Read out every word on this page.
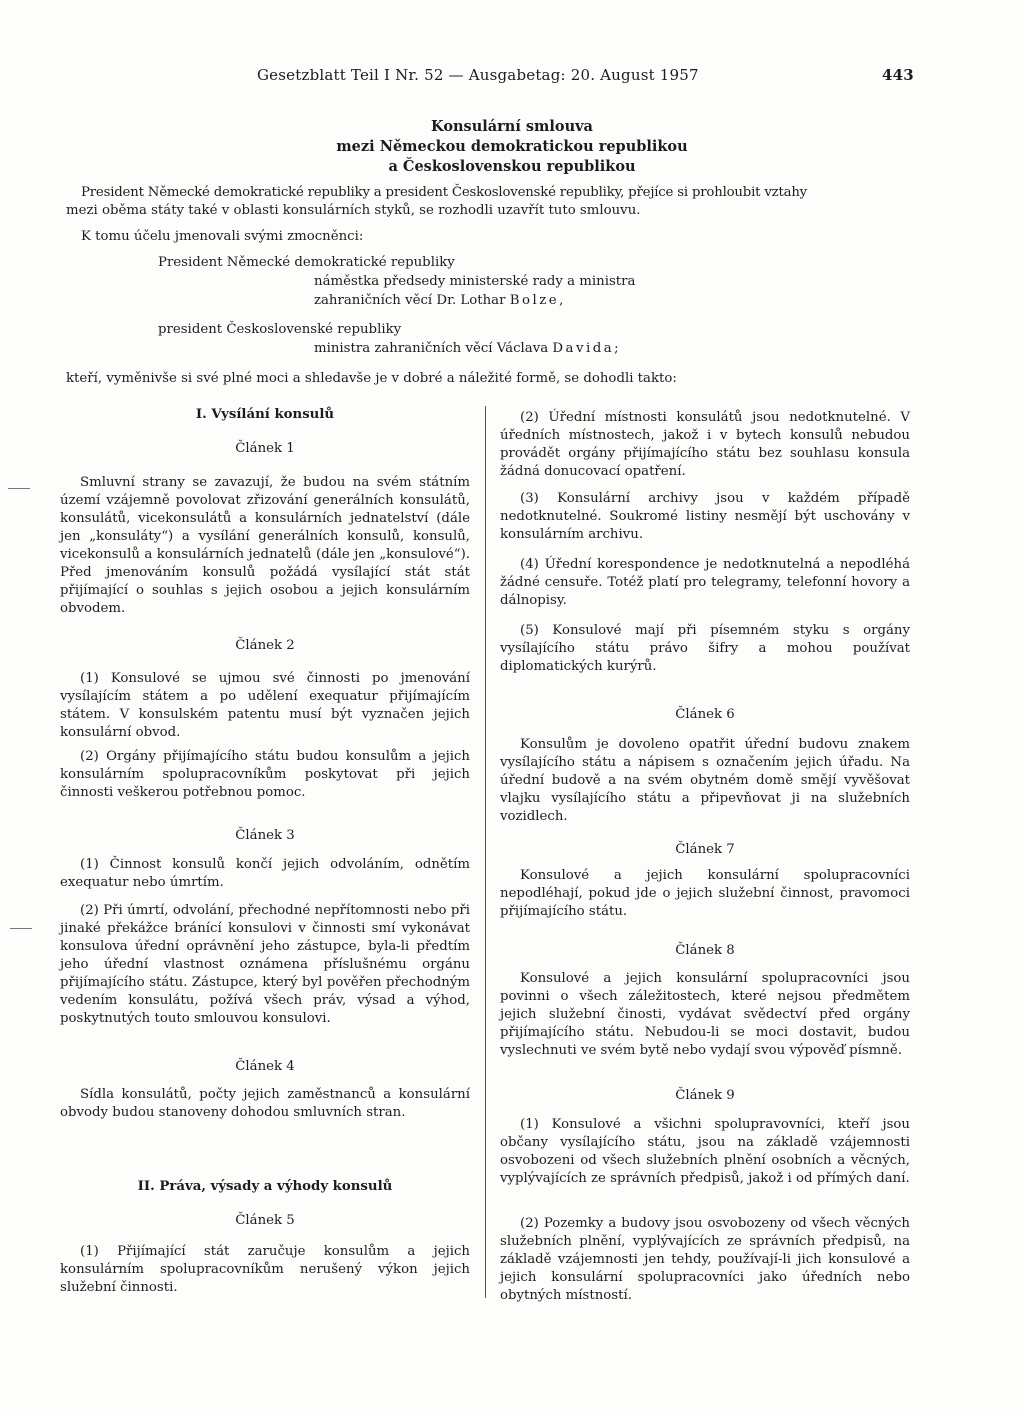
Gesetzblatt Teil I Nr. 52 — Ausgabetag: 20. August 1957	443
Konsulární smlouva
mezi Německou demokratickou republikou
a Československou republikou
President Německé demokratické republiky a president Československé republiky, přejíce si prohloubit vztahy
mezi oběma státy také v oblasti konsulárních styků, se rozhodli uzavřít tuto smlouvu.
K tomu účelu jmenovali svými zmocněnci:
President Německé demokratické republiky
náměstka předsedy ministerské rady a ministra
zahraničních věcí Dr. Lothar Bolze,
president Československé republiky
ministra zahraničních věcí Václava Davida;
kteří, vyměnivše si své plné moci a shledavše je v dobré a náležité formě, se dohodli takto:
I. Vysílání konsulů
Článek 1
Smluvní strany se zavazují, že budou na svém státním území vzájemně povolovat zřizování generálních konsulátů, konsulátů, vicekonsulátů a konsulárních jednatelství (dále jen „konsuláty“) a vysílání generálních konsulů, konsulů, vicekonsulů a konsulárních jednatelů (dále jen „konsulové“). Před jmenováním konsulů požádá vysílající stát stát přijímající o souhlas s jejich osobou a jejich konsulárním obvodem.
Článek 2
(1) Konsulové se ujmou své činnosti po jmenování vysílajícím státem a po udělení exequatur přijímajícím státem. V konsulském patentu musí být vyznačen jejich konsulární obvod.
(2) Orgány přijímajícího státu budou konsulům a jejich konsulárním spolupracovníkům poskytovat při jejich činnosti veškerou potřebnou pomoc.
Článek 3
(1) Činnost konsulů končí jejich odvoláním, odnětím exequatur nebo úmrtím.
(2) Při úmrtí, odvolání, přechodné nepřítomnosti nebo při jinaké překážce bránící konsulovi v činnosti smí vykonávat konsulova úřední oprávnění jeho zástupce, byla-li předtím jeho úřední vlastnost oznámena příslušnému orgánu přijímajícího státu. Zástupce, který byl pověřen přechodným vedením konsulátu, požívá všech práv, výsad a výhod, poskytnutých touto smlouvou konsulovi.
Článek 4
Sídla konsulátů, počty jejich zaměstnanců a konsulární obvody budou stanoveny dohodou smluvních stran.
II. Práva, výsady a výhody konsulů
Článek 5
(1) Přijímající stát zaručuje konsulům a jejich konsulárním spolupracovníkům nerušený výkon jejich služební činnosti.
(2) Úřední místnosti konsulátů jsou nedotknutelné. V úředních místnostech, jakož i v bytech konsulů nebudou provádět orgány přijímajícího státu bez souhlasu konsula žádná donucovací opatření.
(3) Konsulární archivy jsou v každém případě nedotknutelné. Soukromé listiny nesmějí být uschovány v konsulárním archivu.
(4) Úřední korespondence je nedotknutelná a nepodléhá žádné censuře. Totéž platí pro telegramy, telefonní hovory a dálnopisy.
(5) Konsulové mají při písemném styku s orgány vysílajícího státu právo šifry a mohou používat diplomatických kurýrů.
Článek 6
Konsulům je dovoleno opatřit úřední budovu znakem vysílajícího státu a nápisem s označením jejich úřadu. Na úřední budově a na svém obytném domě smějí vyvěšovat vlajku vysílajícího státu a připevňovat ji na služebních vozidlech.
Článek 7
Konsulové a jejich konsulární spolupracovníci nepodléhají, pokud jde o jejich služební činnost, pravomoci přijímajícího státu.
Článek 8
Konsulové a jejich konsulární spolupracovníci jsou povinni o všech záležitostech, které nejsou předmětem jejich služební činosti, vydávat svědectví před orgány přijímajícího státu. Nebudou-li se moci dostavit, budou vyslechnuti ve svém bytě nebo vydají svou výpověď písmně.
Článek 9
(1) Konsulové a všichni spolupravovníci, kteří jsou občany vysílajícího státu, jsou na základě vzájemnosti osvobozeni od všech služebních plnění osobních a věcných, vyplývajících ze správních předpisů, jakož i od přímých daní.
(2) Pozemky a budovy jsou osvobozeny od všech věcných služebních plnění, vyplývajících ze správních předpisů, na základě vzájemnosti jen tehdy, používají-li jich konsulové a jejich konsulární spolupracovníci jako úředních nebo obytných místností.
